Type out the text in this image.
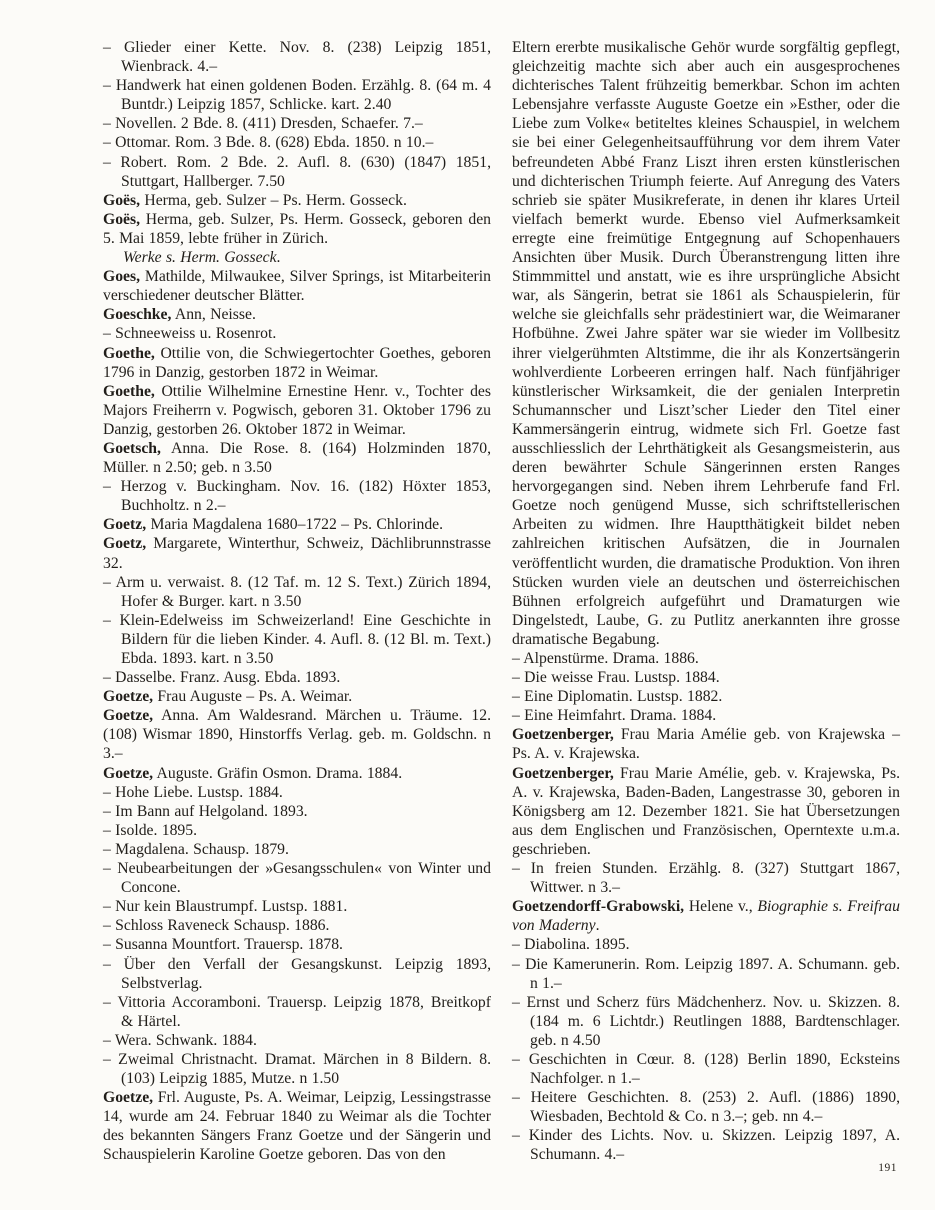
– Glieder einer Kette. Nov. 8. (238) Leipzig 1851, Wienbrack. 4.–

– Handwerk hat einen goldenen Boden. Erzählg. 8. (64 m. 4 Buntdr.) Leipzig 1857, Schlicke. kart. 2.40

– Novellen. 2 Bde. 8. (411) Dresden, Schaefer. 7.–

– Ottomar. Rom. 3 Bde. 8. (628) Ebda. 1850. n 10.–

– Robert. Rom. 2 Bde. 2. Aufl. 8. (630) (1847) 1851, Stuttgart, Hallberger. 7.50

Goës, Herma, geb. Sulzer – Ps. Herm. Gosseck.

Goës, Herma, geb. Sulzer, Ps. Herm. Gosseck, geboren den 5. Mai 1859, lebte früher in Zürich.

Werke s. Herm. Gosseck.

Goes, Mathilde, Milwaukee, Silver Springs, ist Mitarbeiterin verschiedener deutscher Blätter.

Goeschke, Ann, Neisse.

– Schneeweiss u. Rosenrot.

Goethe, Ottilie von, die Schwiegertochter Goethes, geboren 1796 in Danzig, gestorben 1872 in Weimar.

Goethe, Ottilie Wilhelmine Ernestine Henr. v., Tochter des Majors Freiherrn v. Pogwisch, geboren 31. Oktober 1796 zu Danzig, gestorben 26. Oktober 1872 in Weimar.

Goetsch, Anna. Die Rose. 8. (164) Holzminden 1870, Müller. n 2.50; geb. n 3.50

– Herzog v. Buckingham. Nov. 16. (182) Höxter 1853, Buchholtz. n 2.–

Goetz, Maria Magdalena 1680–1722 – Ps. Chlorinde.

Goetz, Margarete, Winterthur, Schweiz, Dächlibrunnstrasse 32.

– Arm u. verwaist. 8. (12 Taf. m. 12 S. Text.) Zürich 1894, Hofer & Burger. kart. n 3.50

– Klein-Edelweiss im Schweizerland! Eine Geschichte in Bildern für die lieben Kinder. 4. Aufl. 8. (12 Bl. m. Text.) Ebda. 1893. kart. n 3.50

– Dasselbe. Franz. Ausg. Ebda. 1893.

Goetze, Frau Auguste – Ps. A. Weimar.

Goetze, Anna. Am Waldesrand. Märchen u. Träume. 12. (108) Wismar 1890, Hinstorffs Verlag. geb. m. Goldschn. n 3.–

Goetze, Auguste. Gräfin Osmon. Drama. 1884.

– Hohe Liebe. Lustsp. 1884.

– Im Bann auf Helgoland. 1893.

– Isolde. 1895.

– Magdalena. Schausp. 1879.

– Neubearbeitungen der »Gesangsschulen« von Winter und Concone.

– Nur kein Blaustrumpf. Lustsp. 1881.

– Schloss Raveneck Schausp. 1886.

– Susanna Mountfort. Trauersp. 1878.

– Über den Verfall der Gesangskunst. Leipzig 1893, Selbstverlag.

– Vittoria Accoramboni. Trauersp. Leipzig 1878, Breitkopf & Härtel.

– Wera. Schwank. 1884.

– Zweimal Christnacht. Dramat. Märchen in 8 Bildern. 8. (103) Leipzig 1885, Mutze. n 1.50

Goetze, Frl. Auguste, Ps. A. Weimar, Leipzig, Lessingstrasse 14, wurde am 24. Februar 1840 zu Weimar als die Tochter des bekannten Sängers Franz Goetze und der Sängerin und Schauspielerin Karoline Goetze geboren. Das von den

Eltern ererbte musikalische Gehör wurde sorgfältig gepflegt, gleichzeitig machte sich aber auch ein ausgesprochenes dichterisches Talent frühzeitig bemerkbar. Schon im achten Lebensjahre verfasste Auguste Goetze ein »Esther, oder die Liebe zum Volke« betiteltes kleines Schauspiel, in welchem sie bei einer Gelegenheitsaufführung vor dem ihrem Vater befreundeten Abbé Franz Liszt ihren ersten künstlerischen und dichterischen Triumph feierte. Auf Anregung des Vaters schrieb sie später Musikreferate, in denen ihr klares Urteil vielfach bemerkt wurde. Ebenso viel Aufmerksamkeit erregte eine freimütige Entgegnung auf Schopenhauers Ansichten über Musik. Durch Überanstrengung litten ihre Stimmmittel und anstatt, wie es ihre ursprüngliche Absicht war, als Sängerin, betrat sie 1861 als Schauspielerin, für welche sie gleichfalls sehr prädestiniert war, die Weimaraner Hofbühne. Zwei Jahre später war sie wieder im Vollbesitz ihrer vielgerühmten Altstimme, die ihr als Konzertsängerin wohlverdiente Lorbeeren erringen half. Nach fünfjähriger künstlerischer Wirksamkeit, die der genialen Interpretin Schumannscher und Liszt’scher Lieder den Titel einer Kammersängerin eintrug, widmete sich Frl. Goetze fast ausschliesslich der Lehrthätigkeit als Gesangsmeisterin, aus deren bewährter Schule Sängerinnen ersten Ranges hervorgegangen sind. Neben ihrem Lehrberufe fand Frl. Goetze noch genügend Musse, sich schriftstellerischen Arbeiten zu widmen. Ihre Hauptthätigkeit bildet neben zahlreichen kritischen Aufsätzen, die in Journalen veröffentlicht wurden, die dramatische Produktion. Von ihren Stücken wurden viele an deutschen und österreichischen Bühnen erfolgreich aufgeführt und Dramaturgen wie Dingelstedt, Laube, G. zu Putlitz anerkannten ihre grosse dramatische Begabung.

– Alpenstürme. Drama. 1886.

– Die weisse Frau. Lustsp. 1884.

– Eine Diplomatin. Lustsp. 1882.

– Eine Heimfahrt. Drama. 1884.

Goetzenberger, Frau Maria Amélie geb. von Krajewska – Ps. A. v. Krajewska.

Goetzenberger, Frau Marie Amélie, geb. v. Krajewska, Ps. A. v. Krajewska, Baden-Baden, Langestrasse 30, geboren in Königsberg am 12. Dezember 1821. Sie hat Übersetzungen aus dem Englischen und Französischen, Operntexte u.m.a. geschrieben.

– In freien Stunden. Erzählg. 8. (327) Stuttgart 1867, Wittwer. n 3.–

Goetzendorff-Grabowski, Helene v., Biographie s. Freifrau von Maderny.

– Diabolina. 1895.

– Die Kamerunerin. Rom. Leipzig 1897. A. Schumann. geb. n 1.–

– Ernst und Scherz fürs Mädchenherz. Nov. u. Skizzen. 8. (184 m. 6 Lichtdr.) Reutlingen 1888, Bardtenschlager. geb. n 4.50

– Geschichten in Cœur. 8. (128) Berlin 1890, Ecksteins Nachfolger. n 1.–

– Heitere Geschichten. 8. (253) 2. Aufl. (1886) 1890, Wiesbaden, Bechtold & Co. n 3.–; geb. nn 4.–

– Kinder des Lichts. Nov. u. Skizzen. Leipzig 1897, A. Schumann. 4.–

191
